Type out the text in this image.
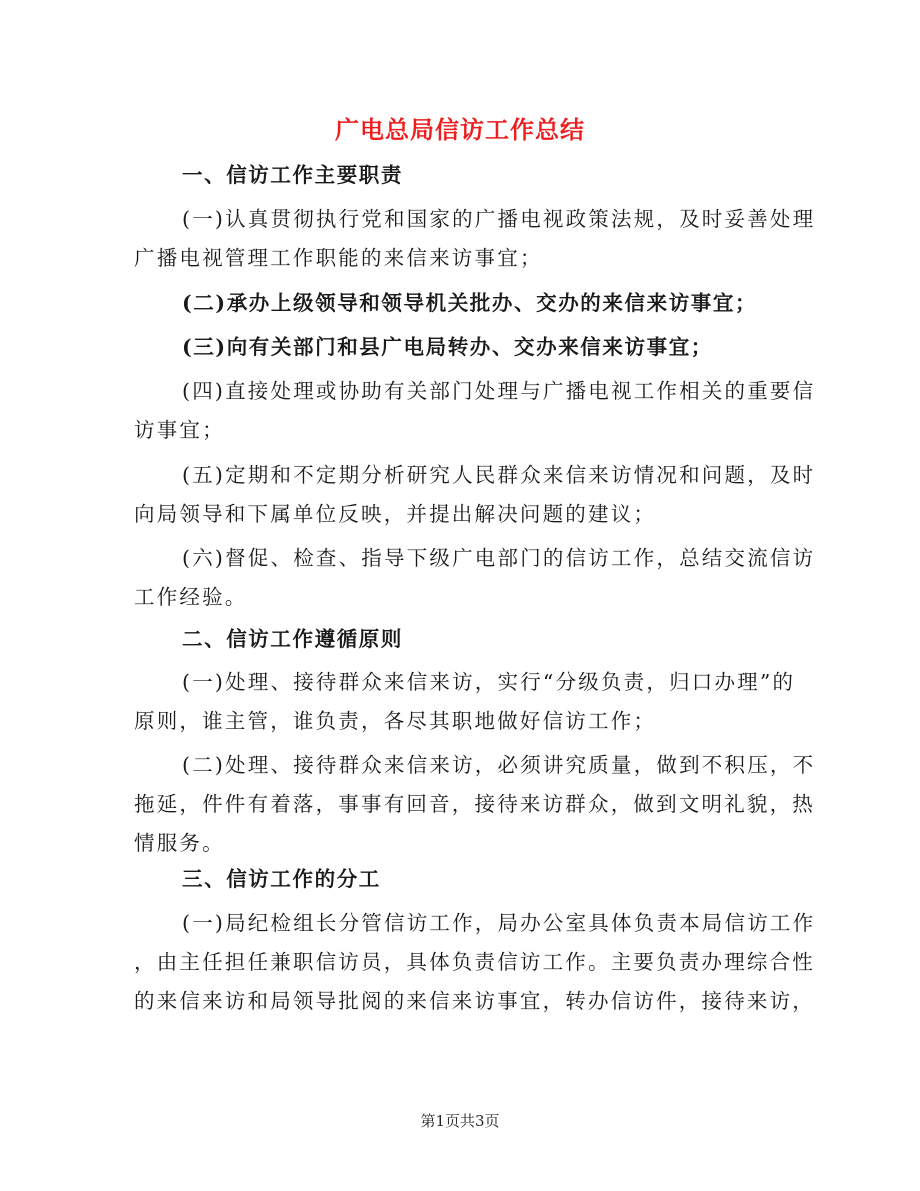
广电总局信访工作总结
一、信访工作主要职责
(一)认真贯彻执行党和国家的广播电视政策法规，及时妥善处理
广播电视管理工作职能的来信来访事宜；
(二)承办上级领导和领导机关批办、交办的来信来访事宜；
(三)向有关部门和县广电局转办、交办来信来访事宜；
(四)直接处理或协助有关部门处理与广播电视工作相关的重要信
访事宜；
(五)定期和不定期分析研究人民群众来信来访情况和问题，及时
向局领导和下属单位反映，并提出解决问题的建议；
(六)督促、检查、指导下级广电部门的信访工作，总结交流信访
工作经验。
二、信访工作遵循原则
(一)处理、接待群众来信来访，实行“分级负责，归口办理”的
原则，谁主管，谁负责，各尽其职地做好信访工作；
(二)处理、接待群众来信来访，必须讲究质量，做到不积压，不
拖延，件件有着落，事事有回音，接待来访群众，做到文明礼貌，热
情服务。
三、信访工作的分工
(一)局纪检组长分管信访工作，局办公室具体负责本局信访工作
，由主任担任兼职信访员，具体负责信访工作。主要负责办理综合性
的来信来访和局领导批阅的来信来访事宜，转办信访件，接待来访，
第1页共3页
